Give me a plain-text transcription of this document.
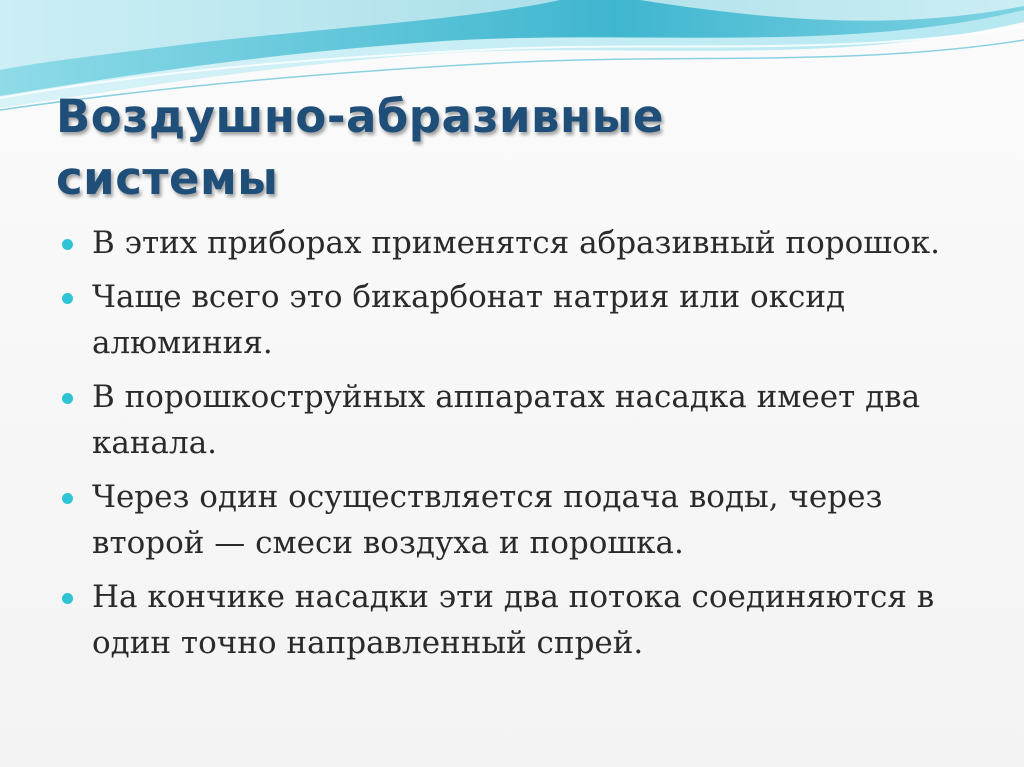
Воздушно-абразивные
системы
В этих приборах применятся абразивный порошок.
Чаще всего это бикарбонат натрия или оксид алюминия.
В порошкоструйных аппаратах насадка имеет два канала.
Через один осуществляется подача воды, через второй — смеси воздуха и порошка.
На кончике насадки эти два потока соединяются в один точно направленный спрей.
